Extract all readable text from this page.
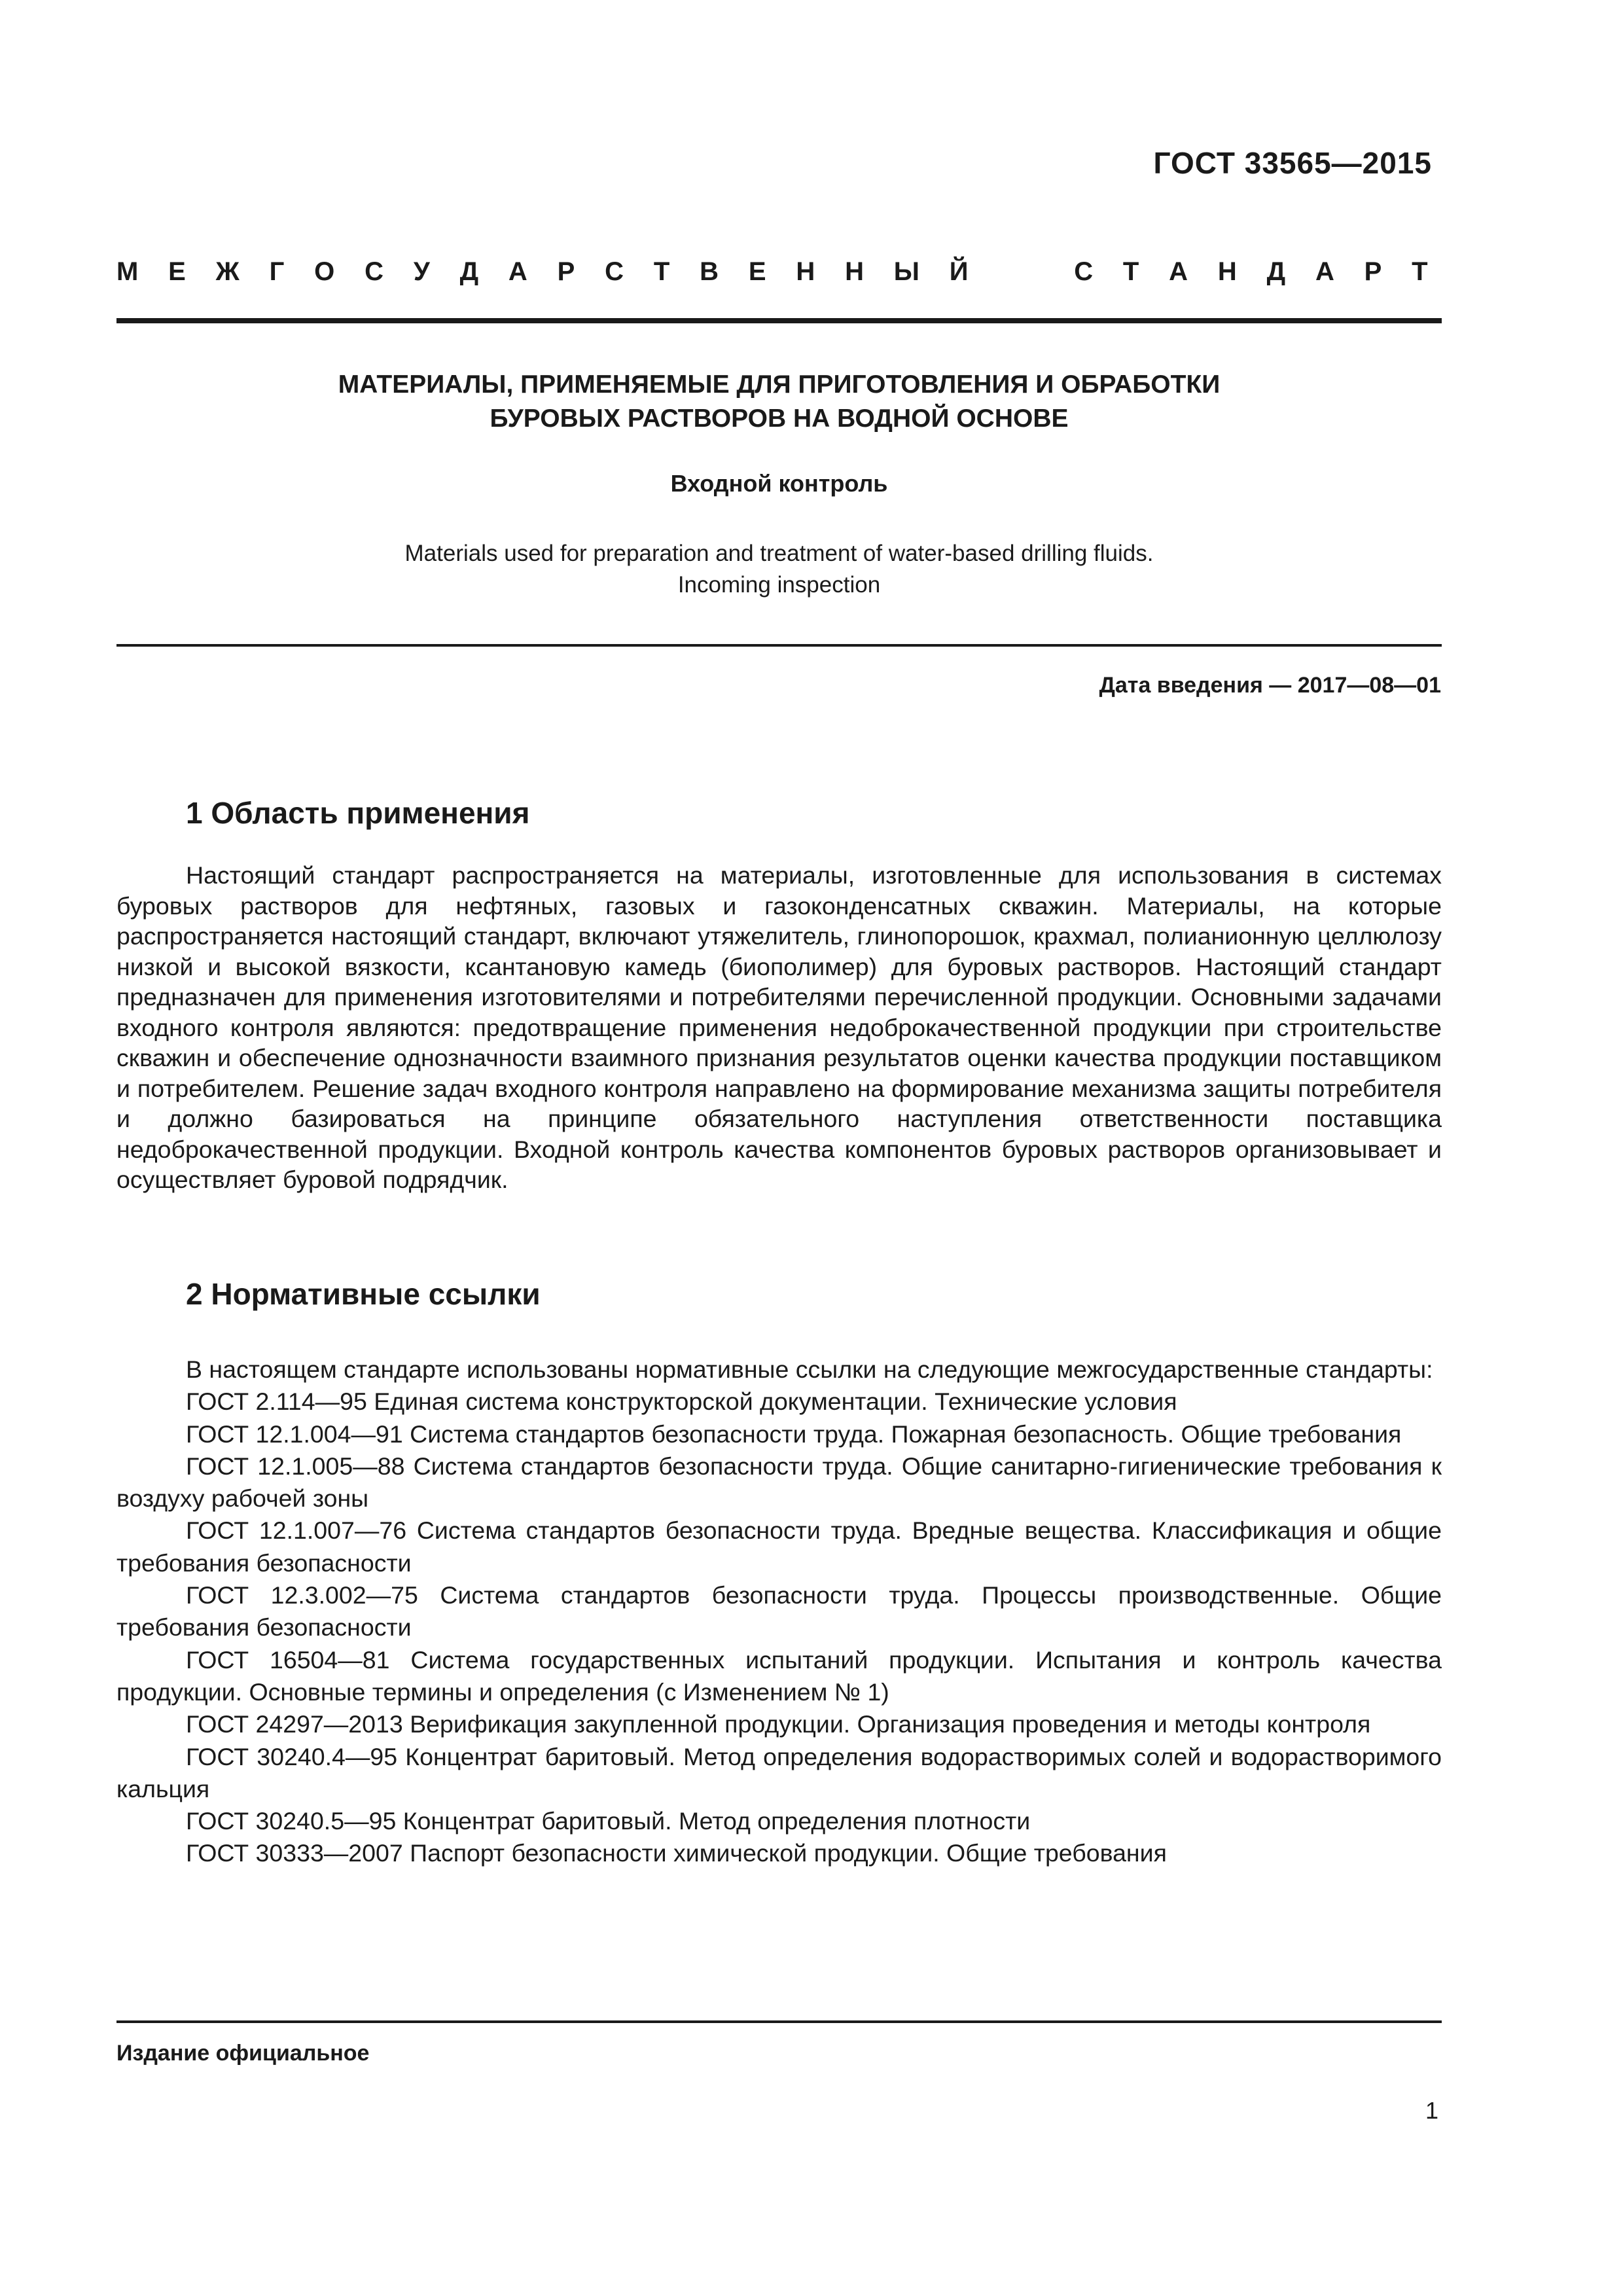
ГОСТ 33565—2015
М Е Ж Г О С У Д А Р С Т В Е Н Н Ы Й	С Т А Н Д А Р Т
МАТЕРИАЛЫ, ПРИМЕНЯЕМЫЕ ДЛЯ ПРИГОТОВЛЕНИЯ И ОБРАБОТКИ
БУРОВЫХ РАСТВОРОВ НА ВОДНОЙ ОСНОВЕ
Входной контроль
Materials used for preparation and treatment of water-based drilling fluids.
Incoming inspection
Дата введения — 2017—08—01
1 Область применения
Настоящий стандарт распространяется на материалы, изготовленные для использования в системах буровых растворов для нефтяных, газовых и газоконденсатных скважин. Материалы, на которые распространяется настоящий стандарт, включают утяжелитель, глинопорошок, крахмал, полианионную целлюлозу низкой и высокой вязкости, ксантановую камедь (биополимер) для буровых растворов. Настоящий стандарт предназначен для применения изготовителями и потребителями перечисленной продукции. Основными задачами входного контроля являются: предотвращение применения недоброкачественной продукции при строительстве скважин и обеспечение однозначности взаимного признания результатов оценки качества продукции поставщиком и потребителем. Решение задач входного контроля направлено на формирование механизма защиты потребителя и должно базироваться на принципе обязательного наступления ответственности поставщика недоброкачественной продукции. Входной контроль качества компонентов буровых растворов организовывает и осуществляет буровой подрядчик.
2 Нормативные ссылки

В настоящем стандарте использованы нормативные ссылки на следующие межгосударственные стандарты:

ГОСТ 2.114—95 Единая система конструкторской документации. Технические условия

ГОСТ 12.1.004—91 Система стандартов безопасности труда. Пожарная безопасность. Общие требования

ГОСТ 12.1.005—88 Система стандартов безопасности труда. Общие санитарно-гигиенические требования к воздуху рабочей зоны

ГОСТ 12.1.007—76 Система стандартов безопасности труда. Вредные вещества. Классификация и общие требования безопасности

ГОСТ 12.3.002—75 Система стандартов безопасности труда. Процессы производственные. Общие требования безопасности

ГОСТ 16504—81 Система государственных испытаний продукции. Испытания и контроль качества продукции. Основные термины и определения (с Изменением № 1)

ГОСТ 24297—2013 Верификация закупленной продукции. Организация проведения и методы контроля

ГОСТ 30240.4—95 Концентрат баритовый. Метод определения водорастворимых солей и водорастворимого кальция

ГОСТ 30240.5—95 Концентрат баритовый. Метод определения плотности

ГОСТ 30333—2007 Паспорт безопасности химической продукции. Общие требования

Издание официальное
1
